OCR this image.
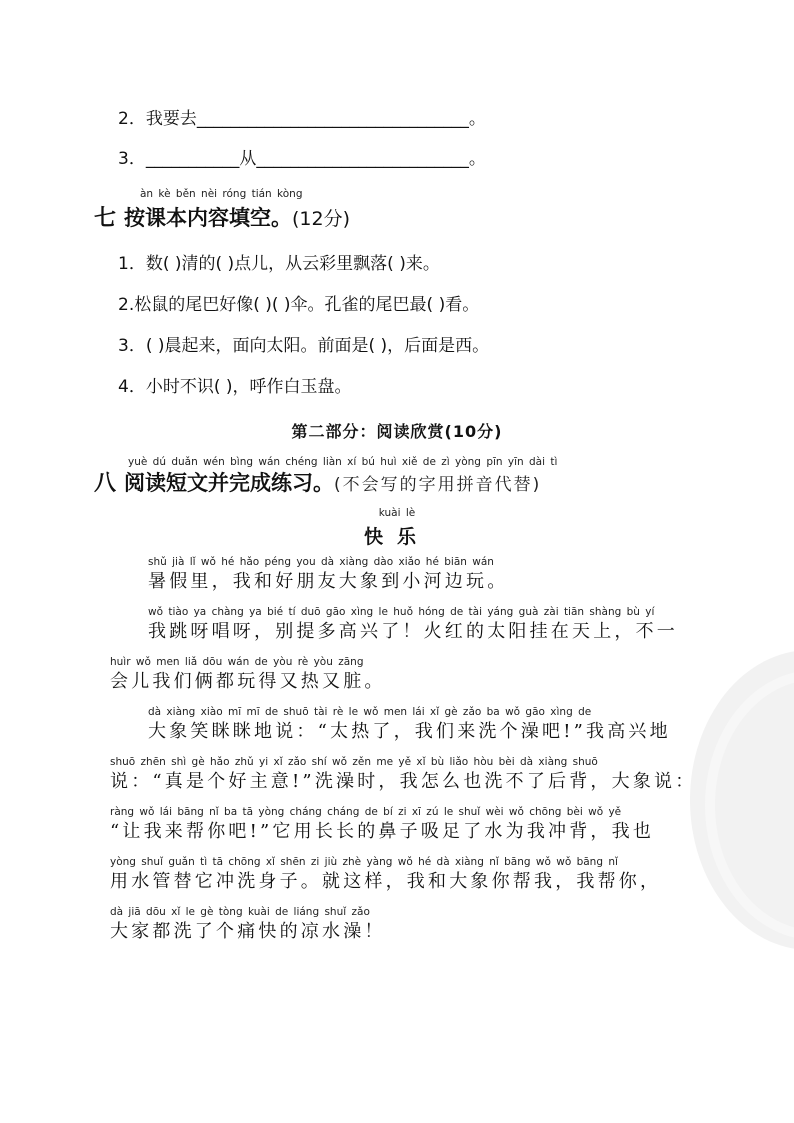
2．我要去________________________________。
3．___________从_________________________。
àn kè běn nèi róng tián kòng
七 按课本内容填空。(12分)
1．数( )清的( )点儿，从云彩里飘落( )来。
2.松鼠的尾巴好像( )( )伞。孔雀的尾巴最( )看。
3．( )晨起来，面向太阳。前面是( )，后面是西。
4．小时不识( )，呼作白玉盘。
第二部分：阅读欣赏(10分)
yuè dú duǎn wén bìng wán chéng liàn xí bú huì xiě de zì yòng pīn yīn dài tì
八 阅读短文并完成练习。(不会写的字用拼音代替)
kuài lè
快乐
shǔ jià lǐ wǒ hé hǎo péng you dà xiàng dào xiǎo hé biān wán
暑假里，我和好朋友大象到小河边玩。
wǒ tiào ya chàng ya bié tí duō gāo xìng le huǒ hóng de tài yáng guà zài tiān shàng bù yí
我跳呀唱呀，别提多高兴了！火红的太阳挂在天上，不一
huìr wǒ men liǎ dōu wán de yòu rè yòu zāng
会儿我们俩都玩得又热又脏。
dà xiàng xiào mī mī de shuō tài rè le wǒ men lái xǐ gè zǎo ba wǒ gāo xìng de
大象笑眯眯地说：“太热了，我们来洗个澡吧!”我高兴地
shuō zhēn shì gè hǎo zhǔ yi xǐ zǎo shí wǒ zěn me yě xǐ bù liǎo hòu bèi dà xiàng shuō
说：“真是个好主意!”洗澡时，我怎么也洗不了后背，大象说：
ràng wǒ lái bāng nǐ ba tā yòng cháng cháng de bí zi xī zú le shuǐ wèi wǒ chōng bèi wǒ yě
“让我来帮你吧!”它用长长的鼻子吸足了水为我冲背，我也
yòng shuǐ guǎn tì tā chōng xǐ shēn zi jiù zhè yàng wǒ hé dà xiàng nǐ bāng wǒ wǒ bāng nǐ
用水管替它冲洗身子。就这样，我和大象你帮我，我帮你，
dà jiā dōu xǐ le gè tòng kuài de liáng shuǐ zǎo
大家都洗了个痛快的凉水澡！
